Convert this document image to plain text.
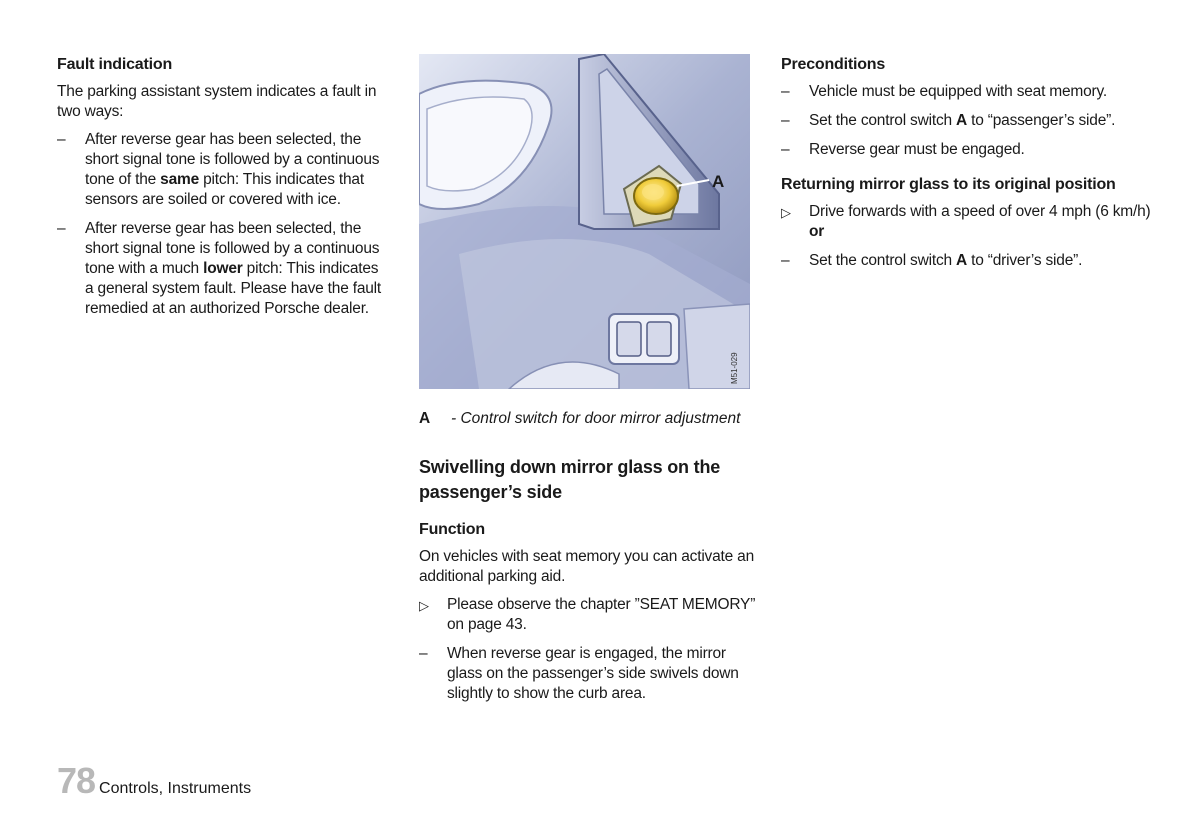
Fault indication

The parking assistant system indicates a fault in two ways:

–	After reverse gear has been selected, the short signal tone is followed by a continuous tone of the same pitch: This indicates that sensors are soiled or covered with ice.
–	After reverse gear has been selected, the short signal tone is followed by a continuous tone with a much lower pitch: This indicates a general system fault. Please have the fault remedied at an authorized Porsche dealer.
A
M51-029
A - Control switch for door mirror adjustment
Swivelling down mirror glass on the passenger’s side
Function

On vehicles with seat memory you can activate an additional parking aid.

▷	Please observe the chapter ”SEAT MEMORY” on page 43.
–	When reverse gear is engaged, the mirror glass on the passenger’s side swivels down slightly to show the curb area.
Preconditions
–	Vehicle must be equipped with seat memory.
–	Set the control switch A to “passenger’s side”.
–	Reverse gear must be engaged.
Returning mirror glass to its original position
▷	Drive forwards with a speed of over 4 mph (6 km/h) or
–	Set the control switch A to “driver’s side”.
78 Controls, Instruments
